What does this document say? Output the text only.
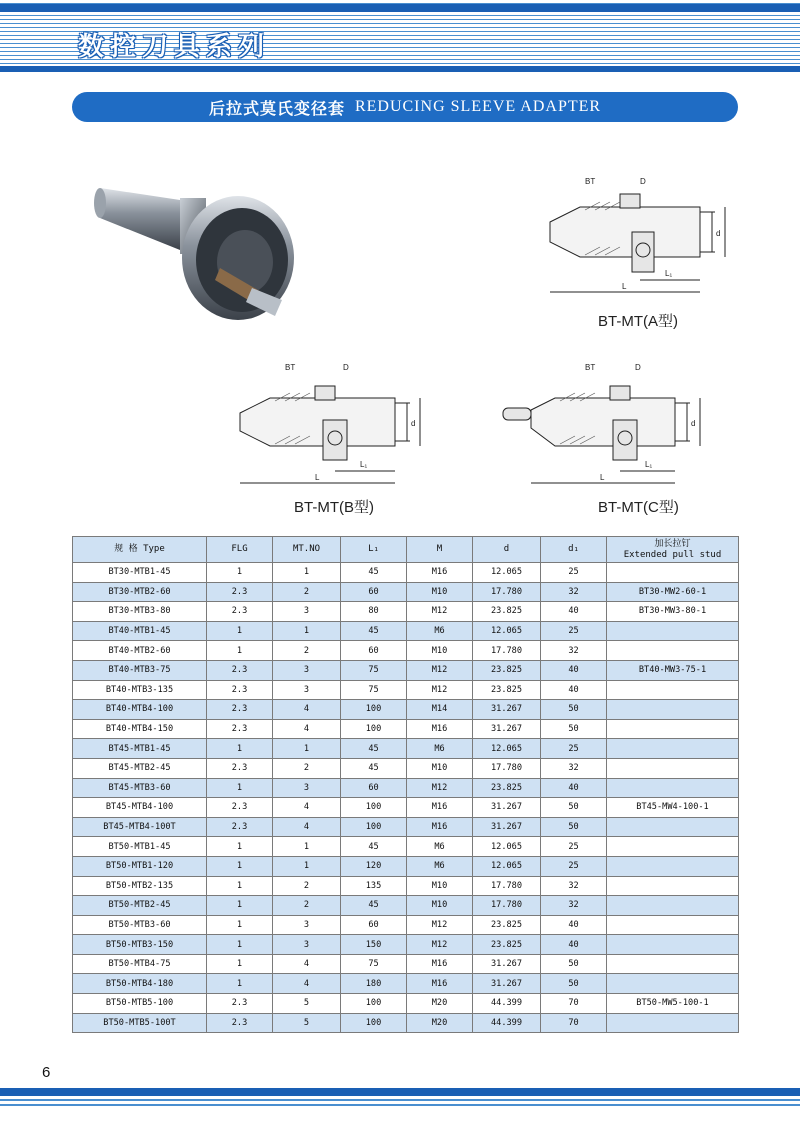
数控刀具系列
后拉式莫氏变径套 REDUCING SLEEVE ADAPTER
BT	D
d
L₁
L
BT-MT(A型)
BT	D
d
L₁
L
BT-MT(B型)
BT	D
d
L₁
L
BT-MT(C型)
规 格 Type	FLG	MT.NO	L₁	M	d	d₁	加长拉钉
Extended pull stud

BT30-MTB1-45	1	1	45	M16	12.065	25	
BT30-MTB2-60	2.3	2	60	M10	17.780	32	BT30-MW2-60-1
BT30-MTB3-80	2.3	3	80	M12	23.825	40	BT30-MW3-80-1
BT40-MTB1-45	1	1	45	M6	12.065	25	
BT40-MTB2-60	1	2	60	M10	17.780	32	
BT40-MTB3-75	2.3	3	75	M12	23.825	40	BT40-MW3-75-1
BT40-MTB3-135	2.3	3	75	M12	23.825	40	
BT40-MTB4-100	2.3	4	100	M14	31.267	50	
BT40-MTB4-150	2.3	4	100	M16	31.267	50	
BT45-MTB1-45	1	1	45	M6	12.065	25	
BT45-MTB2-45	2.3	2	45	M10	17.780	32	
BT45-MTB3-60	1	3	60	M12	23.825	40	
BT45-MTB4-100	2.3	4	100	M16	31.267	50	BT45-MW4-100-1
BT45-MTB4-100T	2.3	4	100	M16	31.267	50	
BT50-MTB1-45	1	1	45	M6	12.065	25	
BT50-MTB1-120	1	1	120	M6	12.065	25	
BT50-MTB2-135	1	2	135	M10	17.780	32	
BT50-MTB2-45	1	2	45	M10	17.780	32	
BT50-MTB3-60	1	3	60	M12	23.825	40	
BT50-MTB3-150	1	3	150	M12	23.825	40	
BT50-MTB4-75	1	4	75	M16	31.267	50	
BT50-MTB4-180	1	4	180	M16	31.267	50	
BT50-MTB5-100	2.3	5	100	M20	44.399	70	BT50-MW5-100-1
BT50-MTB5-100T	2.3	5	100	M20	44.399	70	
6
